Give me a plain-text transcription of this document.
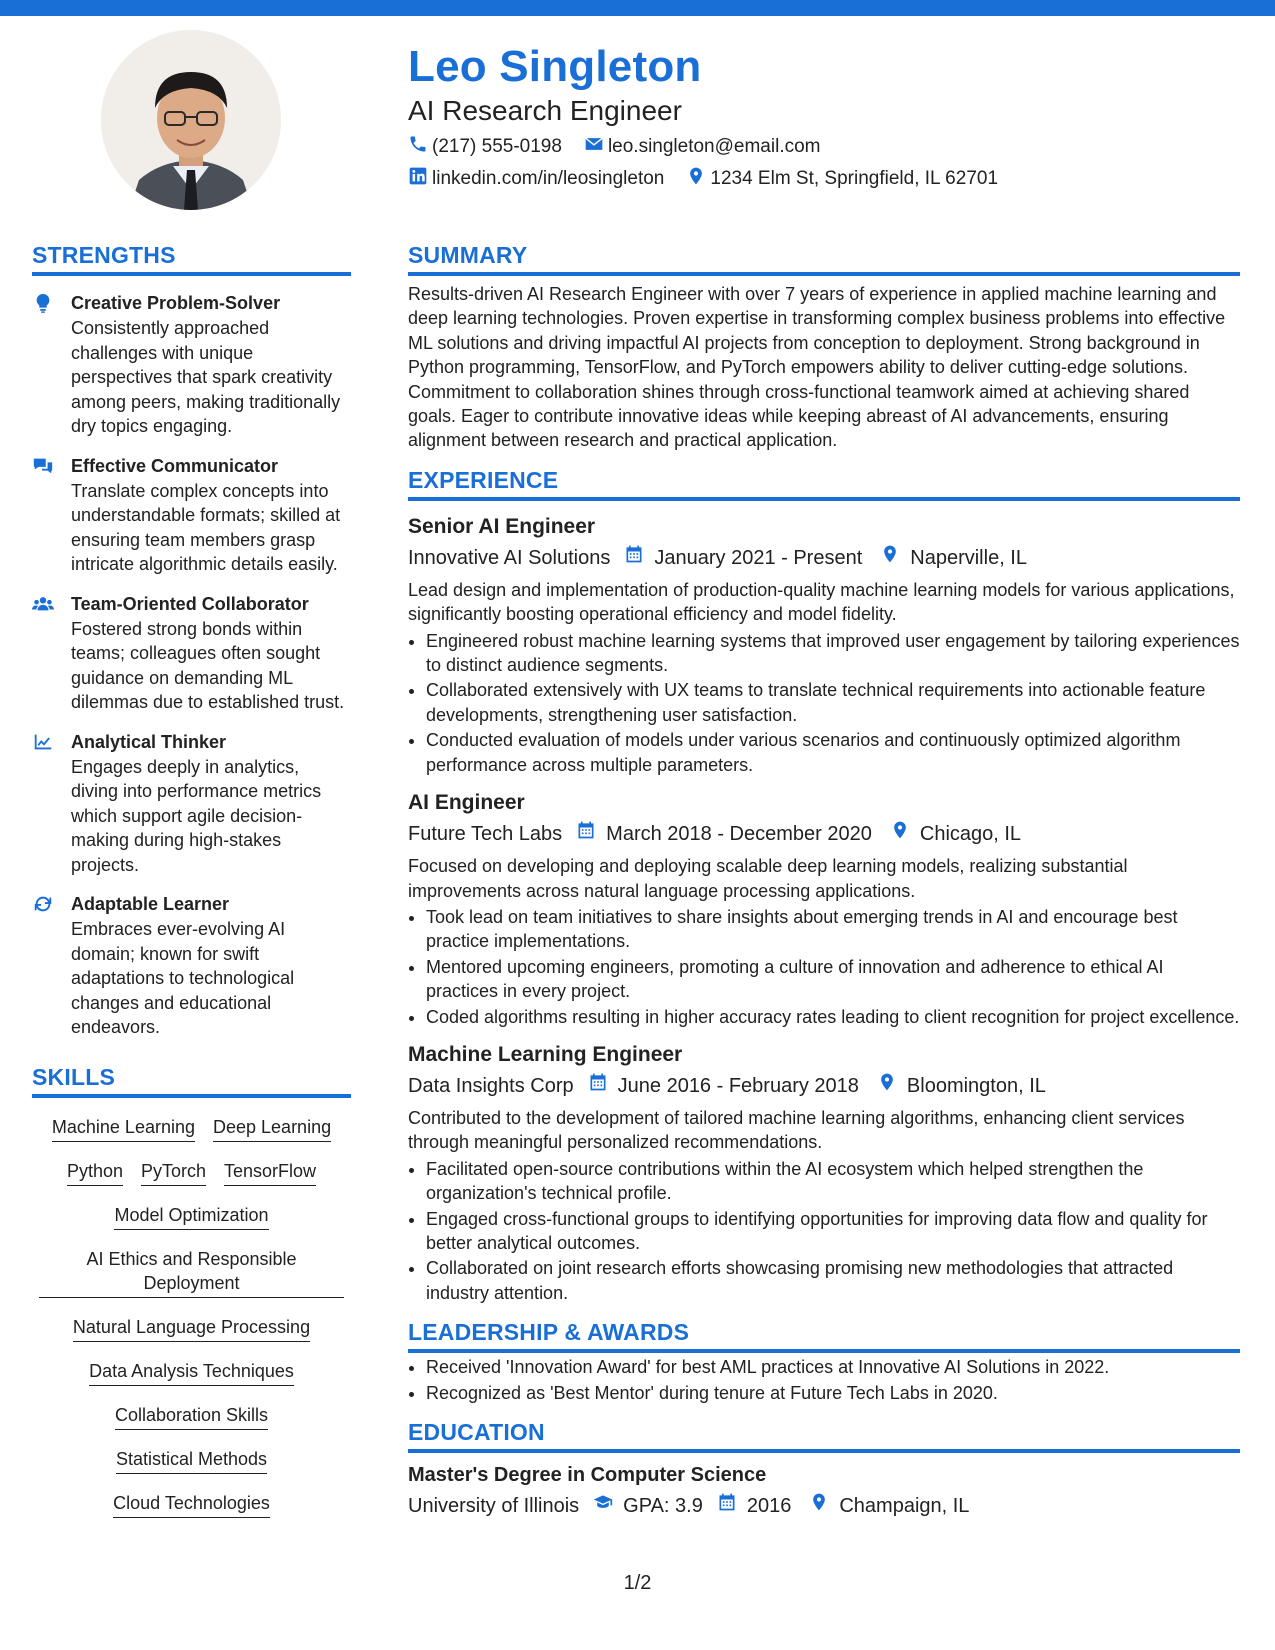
Leo Singleton
AI Research Engineer
(217) 555-0198 leo.singleton@email.com
linkedin.com/in/leosingleton 1234 Elm St, Springfield, IL 62701
STRENGTHS
Creative Problem-Solver
Consistently approached challenges with unique perspectives that spark creativity among peers, making traditionally dry topics engaging.
Effective Communicator
Translate complex concepts into understandable formats; skilled at ensuring team members grasp intricate algorithmic details easily.
Team-Oriented Collaborator
Fostered strong bonds within teams; colleagues often sought guidance on demanding ML dilemmas due to established trust.
Analytical Thinker
Engages deeply in analytics, diving into performance metrics which support agile decision-making during high-stakes projects.
Adaptable Learner
Embraces ever-evolving AI domain; known for swift adaptations to technological changes and educational endeavors.
SKILLS
Machine Learning Deep Learning
Python PyTorch TensorFlow
Model Optimization
AI Ethics and Responsible Deployment
Natural Language Processing
Data Analysis Techniques
Collaboration Skills
Statistical Methods
Cloud Technologies
SUMMARY
Results-driven AI Research Engineer with over 7 years of experience in applied machine learning and deep learning technologies. Proven expertise in transforming complex business problems into effective ML solutions and driving impactful AI projects from conception to deployment. Strong background in Python programming, TensorFlow, and PyTorch empowers ability to deliver cutting-edge solutions. Commitment to collaboration shines through cross-functional teamwork aimed at achieving shared goals. Eager to contribute innovative ideas while keeping abreast of AI advancements, ensuring alignment between research and practical application.
EXPERIENCE
Senior AI Engineer
Innovative AI Solutions January 2021 - Present Naperville, IL
Lead design and implementation of production-quality machine learning models for various applications, significantly boosting operational efficiency and model fidelity.
• Engineered robust machine learning systems that improved user engagement by tailoring experiences to distinct audience segments.
• Collaborated extensively with UX teams to translate technical requirements into actionable feature developments, strengthening user satisfaction.
• Conducted evaluation of models under various scenarios and continuously optimized algorithm performance across multiple parameters.
AI Engineer
Future Tech Labs March 2018 - December 2020 Chicago, IL
Focused on developing and deploying scalable deep learning models, realizing substantial improvements across natural language processing applications.
• Took lead on team initiatives to share insights about emerging trends in AI and encourage best practice implementations.
• Mentored upcoming engineers, promoting a culture of innovation and adherence to ethical AI practices in every project.
• Coded algorithms resulting in higher accuracy rates leading to client recognition for project excellence.
Machine Learning Engineer
Data Insights Corp June 2016 - February 2018 Bloomington, IL
Contributed to the development of tailored machine learning algorithms, enhancing client services through meaningful personalized recommendations.
• Facilitated open-source contributions within the AI ecosystem which helped strengthen the organization's technical profile.
• Engaged cross-functional groups to identifying opportunities for improving data flow and quality for better analytical outcomes.
• Collaborated on joint research efforts showcasing promising new methodologies that attracted industry attention.
LEADERSHIP & AWARDS
• Received 'Innovation Award' for best AML practices at Innovative AI Solutions in 2022.
• Recognized as 'Best Mentor' during tenure at Future Tech Labs in 2020.
EDUCATION
Master's Degree in Computer Science
University of Illinois GPA: 3.9 2016 Champaign, IL
1/2
